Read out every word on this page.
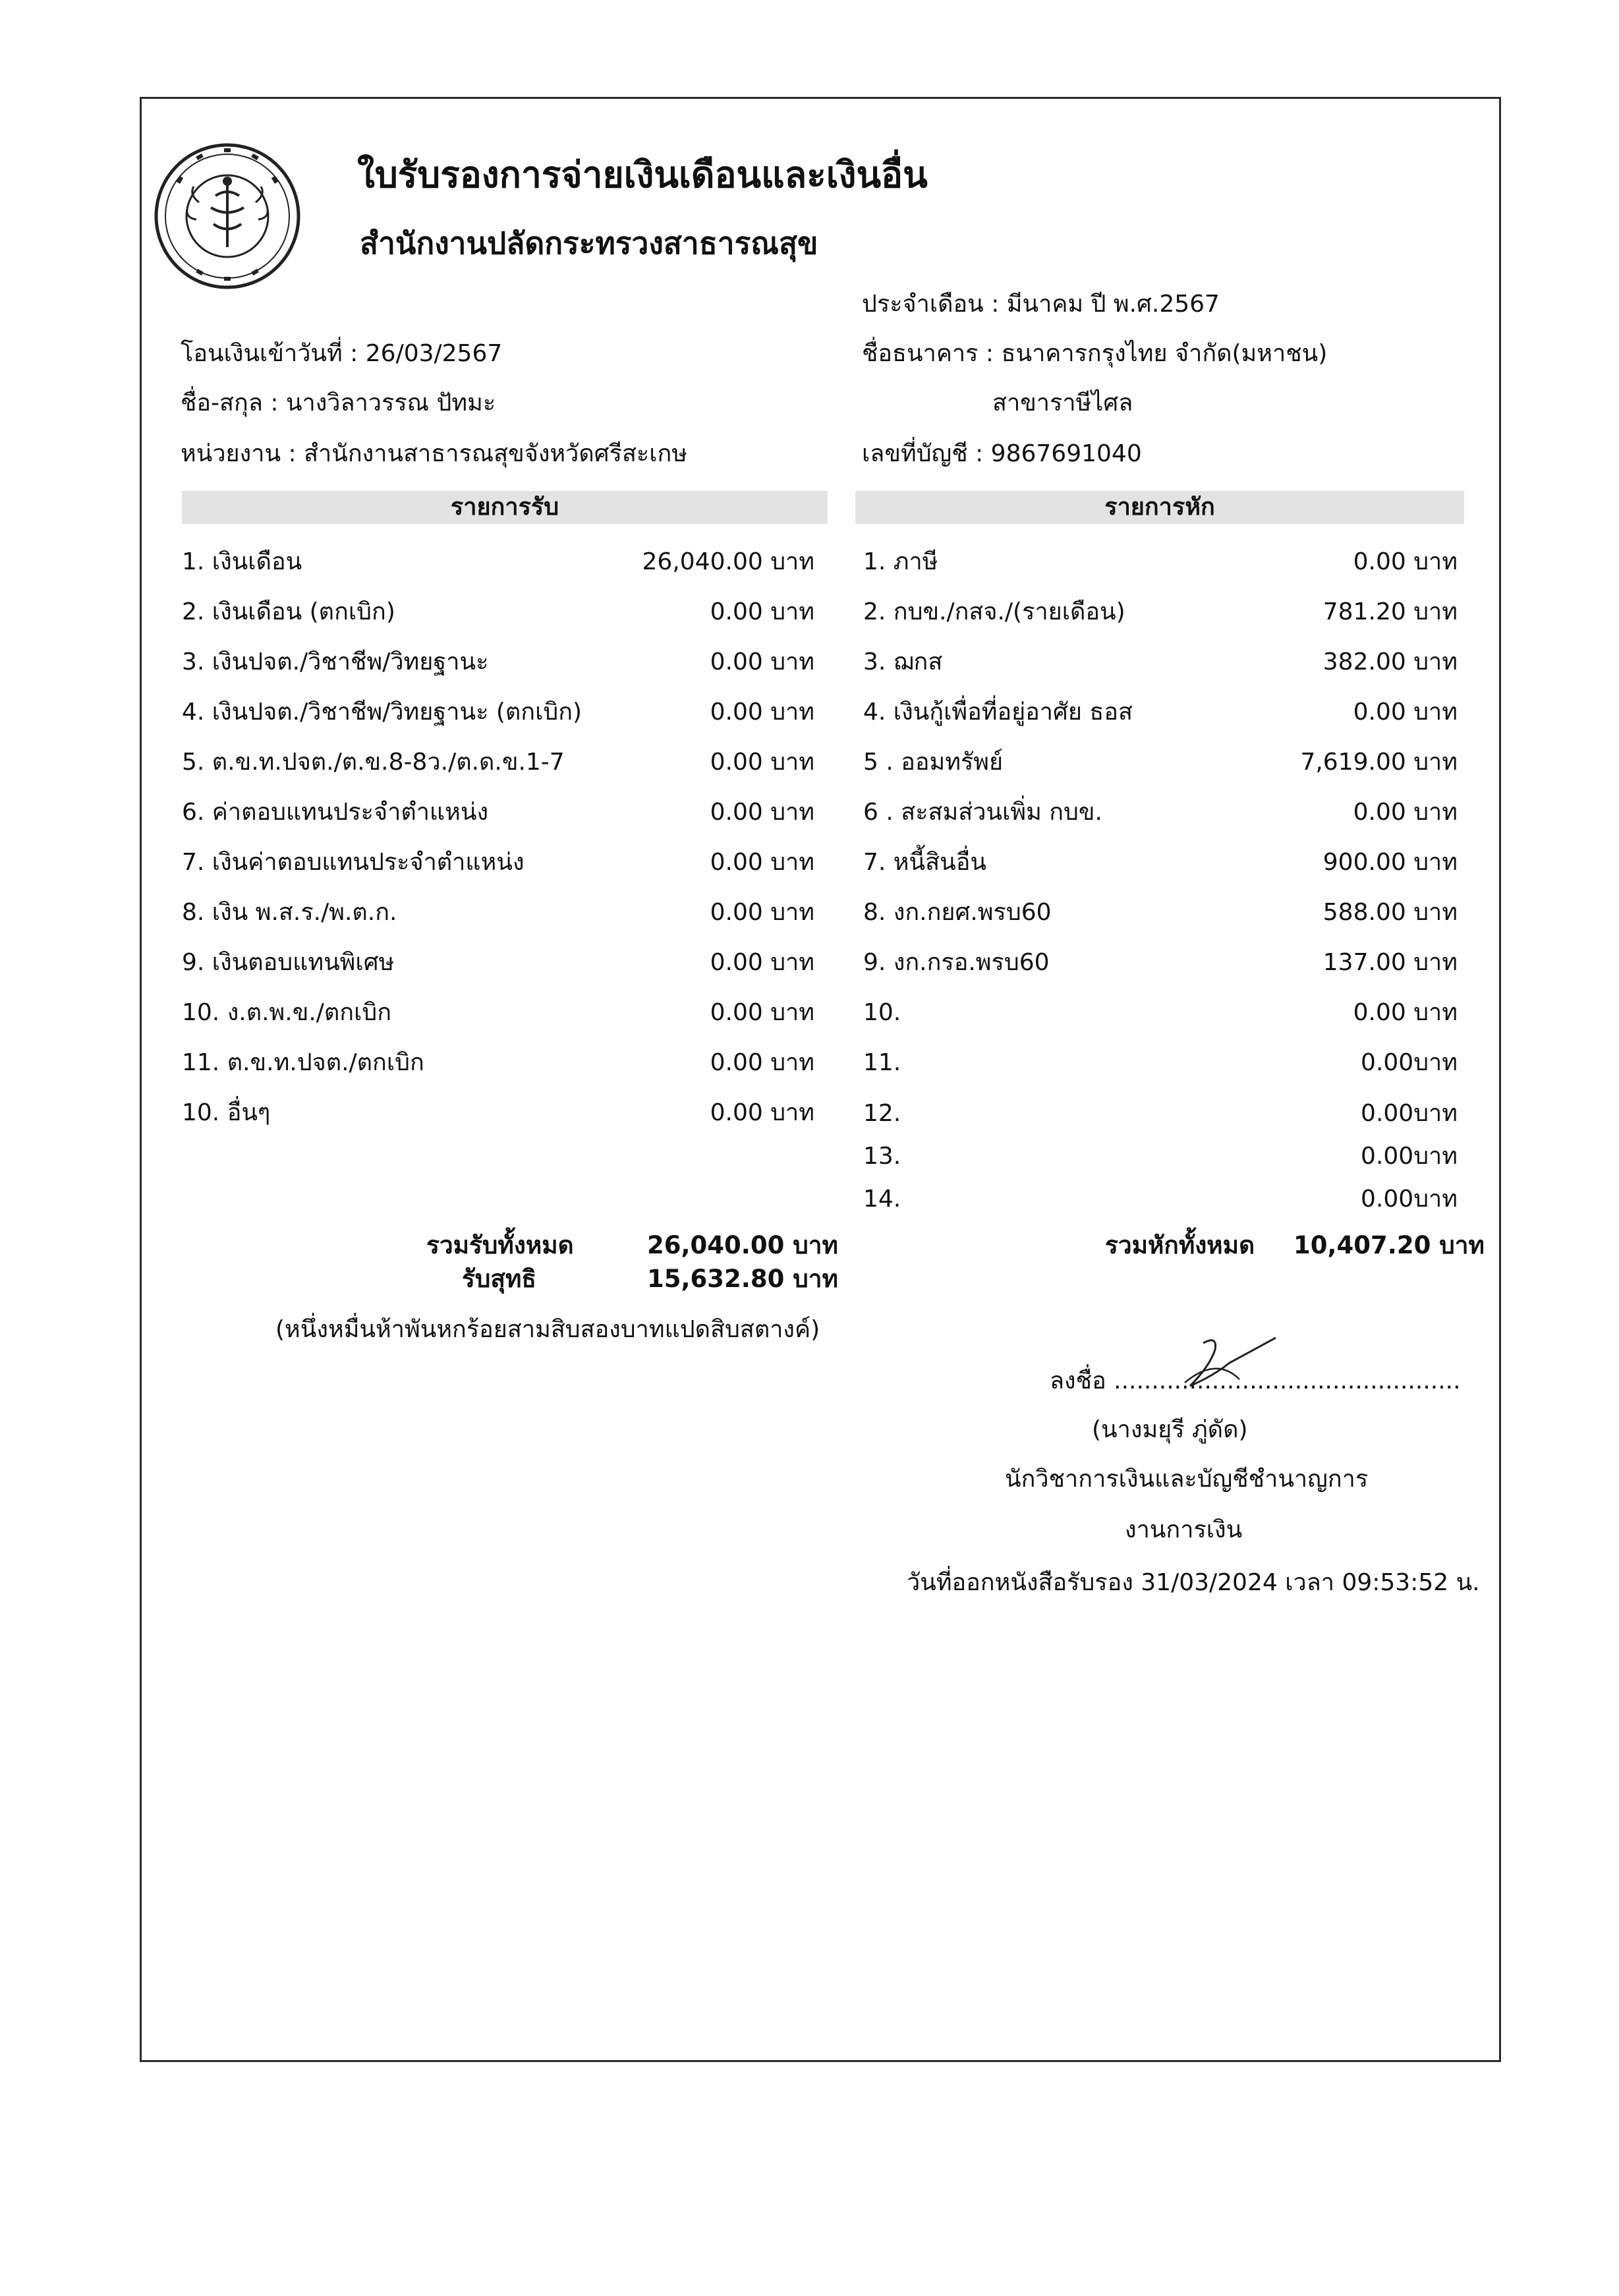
ใบรับรองการจ่ายเงินเดือนและเงินอื่น
สำนักงานปลัดกระทรวงสาธารณสุข
ประจำเดือน : มีนาคม ปี พ.ศ.2567
โอนเงินเข้าวันที่ : 26/03/2567	ชื่อธนาคาร : ธนาคารกรุงไทย จำกัด(มหาชน)
ชื่อ-สกุล : นางวิลาวรรณ ปัทมะ	สาขาราษีไศล
หน่วยงาน : สำนักงานสาธารณสุขจังหวัดศรีสะเกษ	เลขที่บัญชี : 9867691040
รายการรับ	รายการหัก
1. เงินเดือน	26,040.00 บาท
2. เงินเดือน (ตกเบิก)	0.00 บาท
3. เงินปจต./วิชาชีพ/วิทยฐานะ	0.00 บาท
4. เงินปจต./วิชาชีพ/วิทยฐานะ (ตกเบิก)	0.00 บาท
5. ต.ข.ท.ปจต./ต.ข.8-8ว./ต.ด.ข.1-7	0.00 บาท
6. ค่าตอบแทนประจำตำแหน่ง	0.00 บาท
7. เงินค่าตอบแทนประจำตำแหน่ง	0.00 บาท
8. เงิน พ.ส.ร./พ.ต.ก.	0.00 บาท
9. เงินตอบแทนพิเศษ	0.00 บาท
10. ง.ต.พ.ข./ตกเบิก	0.00 บาท
11. ต.ข.ท.ปจต./ตกเบิก	0.00 บาท
10. อื่นๆ	0.00 บาท
1. ภาษี	0.00 บาท
2. กบข./กสจ./(รายเดือน)	781.20 บาท
3. ฌกส	382.00 บาท
4. เงินกู้เพื่อที่อยู่อาศัย ธอส	0.00 บาท
5 . ออมทรัพย์	7,619.00 บาท
6 . สะสมส่วนเพิ่ม กบข.	0.00 บาท
7. หนี้สินอื่น	900.00 บาท
8. งก.กยศ.พรบ60	588.00 บาท
9. งก.กรอ.พรบ60	137.00 บาท
10.	0.00 บาท
11.	0.00บาท
12.	0.00บาท
13.	0.00บาท
14.	0.00บาท
รวมรับทั้งหมด	26,040.00 บาท
รับสุทธิ	15,632.80 บาท
(หนึ่งหมื่นห้าพันหกร้อยสามสิบสองบาทแปดสิบสตางค์)
รวมหักทั้งหมด 10,407.20 บาท
ลงชื่อ ..............................................
(นางมยุรี ภู่ดัด)
นักวิชาการเงินและบัญชีชำนาญการ
งานการเงิน
วันที่ออกหนังสือรับรอง 31/03/2024 เวลา 09:53:52 น.
